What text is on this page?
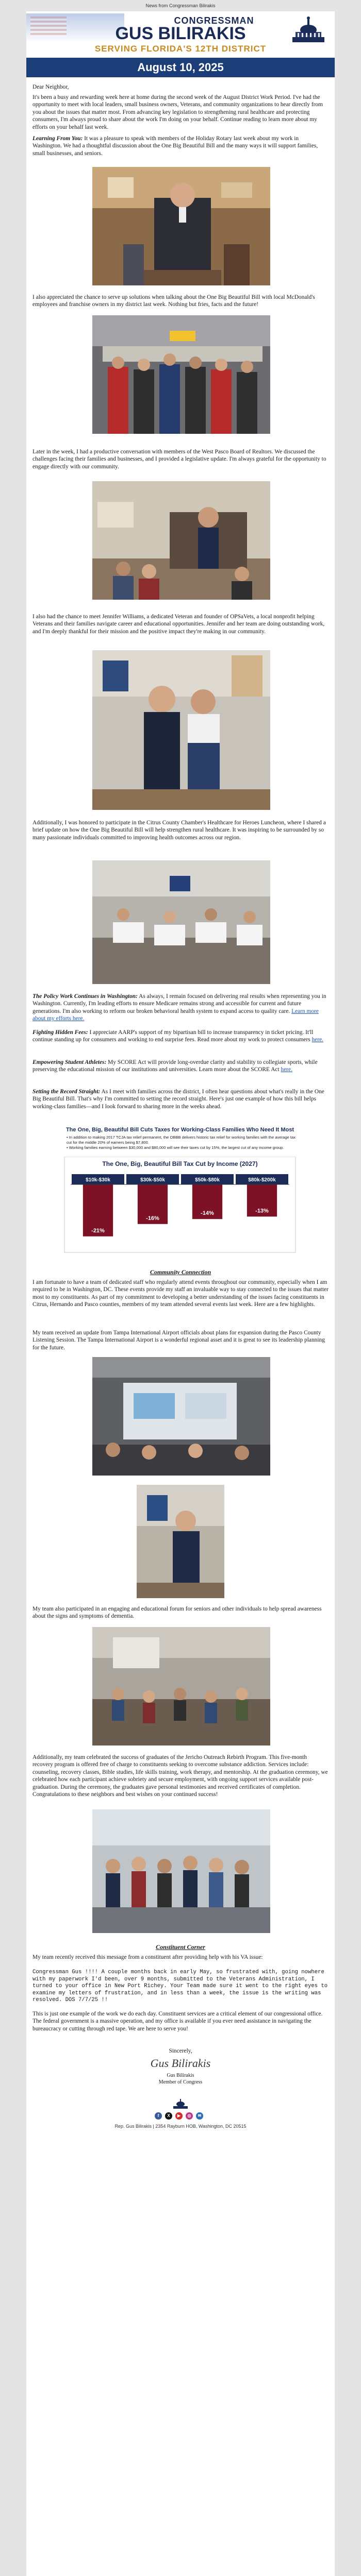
News from Congressman Bilirakis
CONGRESSMAN
GUS BILIRAKIS
SERVING FLORIDA'S 12TH DISTRICT
August 10, 2025
Dear Neighbor,
It's been a busy and rewarding week here at home during the second week of the August District Work Period. I've had the opportunity to meet with local leaders, small business owners, Veterans, and community organizations to hear directly from you about the issues that matter most. From advancing key legislation to strengthening rural healthcare and protecting consumers, I'm always proud to share about the work I'm doing on your behalf. Continue reading to learn more about my efforts on your behalf last week.
Learning From You: It was a pleasure to speak with members of the Holiday Rotary last week about my work in Washington. We had a thoughtful discussion about the One Big Beautiful Bill and the many ways it will support families, small businesses, and seniors.
I also appreciated the chance to serve up solutions when talking about the One Big Beautiful Bill with local McDonald's employees and franchise owners in my district last week. Nothing but fries, facts and the future!
Later in the week, I had a productive conversation with members of the West Pasco Board of Realtors. We discussed the challenges facing their families and businesses, and I provided a legislative update. I'm always grateful for the opportunity to engage directly with our community.
I also had the chance to meet Jennifer Williams, a dedicated Veteran and founder of OPSaVets, a local nonprofit helping Veterans and their families navigate career and educational opportunities. Jennifer and her team are doing outstanding work, and I'm deeply thankful for their mission and the positive impact they're making in our community.
Additionally, I was honored to participate in the Citrus County Chamber's Healthcare for Heroes Luncheon, where I shared a brief update on how the One Big Beautiful Bill will help strengthen rural healthcare. It was inspiring to be surrounded by so many passionate individuals committed to improving health outcomes across our region.
The Policy Work Continues in Washington: As always, I remain focused on delivering real results when representing you in Washington. Currently, I'm leading efforts to ensure Medicare remains strong and accessible for current and future generations. I'm also working to reform our broken behavioral health system to expand access to quality care. Learn more about my efforts here.
Fighting Hidden Fees: I appreciate AARP's support of my bipartisan bill to increase transparency in ticket pricing. It'll continue standing up for consumers and working to end surprise fees. Read more about my work to protect consumers here.
Empowering Student Athletes: My SCORE Act will provide long-overdue clarity and stability to collegiate sports, while preserving the educational mission of our institutions and universities. Learn more about the SCORE Act here.
Setting the Record Straight: As I meet with families across the district, I often hear questions about what's really in the One Big Beautiful Bill. That's why I'm committed to setting the record straight. Here's just one example of how this bill helps working-class families—and I look forward to sharing more in the weeks ahead.
The One, Big, Beautiful Bill Cuts Taxes for Working-Class Families Who Need It Most
• In addition to making 2017 TCJA tax relief permanent, the OBBB delivers historic tax relief for working families with the average tax cut for the middle 20% of earners being $7,800.
• Working families earning between $30,000 and $80,000 will see their taxes cut by 15%, the largest cut of any income group.
The One, Big, Beautiful Bill Tax Cut by Income (2027)
$10k-$30k
-21%
$30k-$50k
-16%
$50k-$80k
-14%
$80k-$200k
-13%
Community Connection
I am fortunate to have a team of dedicated staff who regularly attend events throughout our community, especially when I am required to be in Washington, DC. These events provide my staff an invaluable way to stay connected to the issues that matter most to my constituents. As part of my commitment to developing a better understanding of the issues facing constituents in Citrus, Hernando and Pasco counties, members of my team attended several events last week. Here are a few highlights.
My team received an update from Tampa International Airport officials about plans for expansion during the Pasco County Listening Session. The Tampa International Airport is a wonderful regional asset and it is great to see its leadership planning for the future.
My team also participated in an engaging and educational forum for seniors and other individuals to help spread awareness about the signs and symptoms of dementia.
Additionally, my team celebrated the success of graduates of the Jericho Outreach Rebirth Program. This five-month recovery program is offered free of charge to constituents seeking to overcome substance addiction. Services include: counseling, recovery classes, Bible studies, life skills training, work therapy, and mentorship. At the graduation ceremony, we celebrated how each participant achieve sobriety and secure employment, with ongoing support services available post-graduation. During the ceremony, the graduates gave personal testimonies and received certificates of completion. Congratulations to these neighbors and best wishes on your continued success!
Constituent Corner
My team recently received this message from a constituent after providing help with his VA issue:
Congressman Gus !!!! A couple months back in early May, so frustrated with, going nowhere with my paperwork I'd been, over 9 months, submitted to the Veterans Administration, I turned to your office in New Port Richey. Your Team made sure it went to the right eyes to examine my letters of frustration, and in less than a week, the issue is the writing was resolved. DOS 7/7/25 !!
This is just one example of the work we do each day. Constituent services are a critical element of our congressional office. The federal government is a massive operation, and my office is available if you ever need assistance in navigating the bureaucracy or cutting through red tape. We are here to serve you!
Sincerely,
Gus Bilirakis
Gus Bilirakis
Member of Congress
f	X	▶	◎	✉
Rep. Gus Bilirakis | 2354 Rayburn HOB, Washington, DC 20515
